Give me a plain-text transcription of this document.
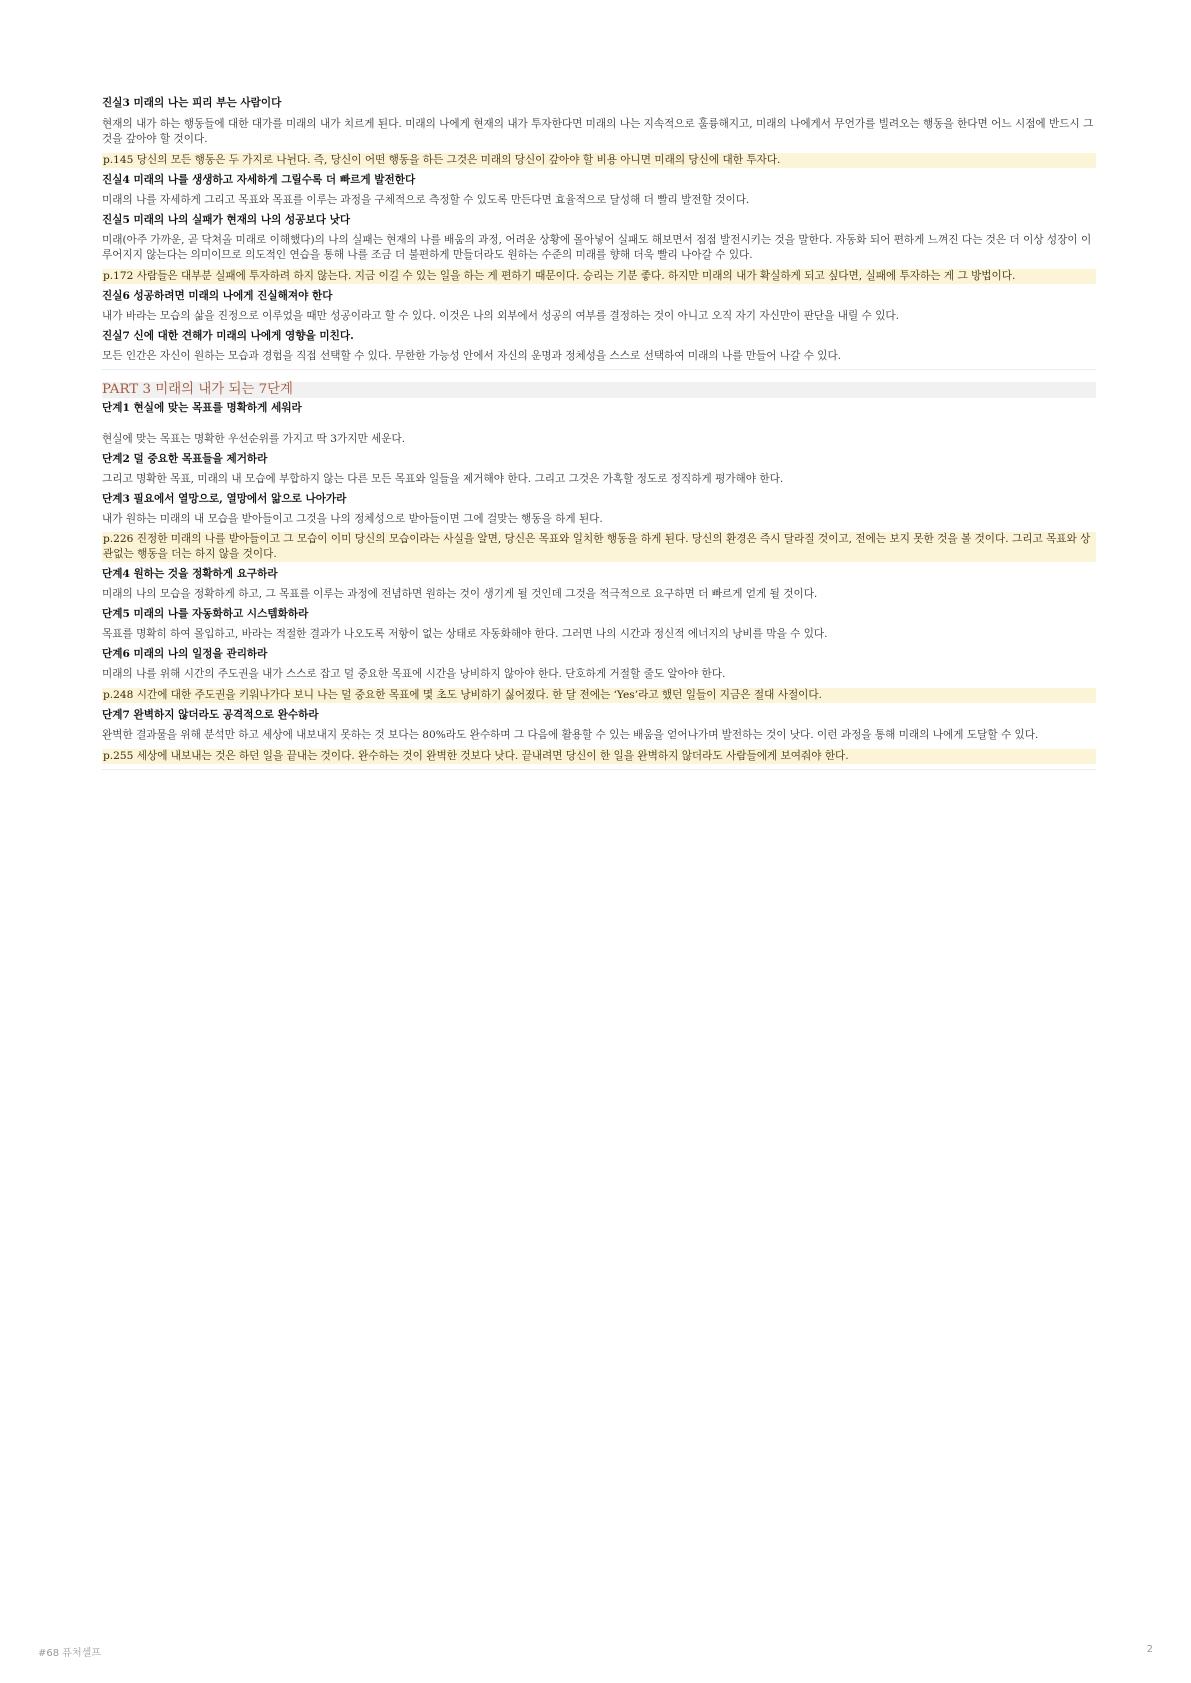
진실3 미래의 나는 피리 부는 사람이다

현재의 내가 하는 행동들에 대한 대가를 미래의 내가 치르게 된다. 미래의 나에게 현재의 내가 투자한다면 미래의 나는 지속적으로 훌륭해지고, 미래의 나에게서 무언가를 빌려오는 행동을 한다면 어느 시점에 반드시 그것을 갚아야 할 것이다.

p.145 당신의 모든 행동은 두 가지로 나뉜다. 즉, 당신이 어떤 행동을 하든 그것은 미래의 당신이 갚아야 할 비용 아니면 미래의 당신에 대한 투자다.

진실4 미래의 나를 생생하고 자세하게 그릴수록 더 빠르게 발전한다

미래의 나를 자세하게 그리고 목표와 목표를 이루는 과정을 구체적으로 측정할 수 있도록 만든다면 효율적으로 달성해 더 빨리 발전할 것이다.

진실5 미래의 나의 실패가 현재의 나의 성공보다 낫다

미래(아주 가까운, 곧 닥쳐올 미래로 이해했다)의 나의 실패는 현재의 나를 배움의 과정, 어려운 상황에 몰아넣어 실패도 해보면서 점점 발전시키는 것을 말한다. 자동화 되어 편하게 느껴진 다는 것은 더 이상 성장이 이루어지지 않는다는 의미이므로 의도적인 연습을 통해 나를 조금 더 불편하게 만들더라도 원하는 수준의 미래를 향해 더욱 빨리 나아갈 수 있다.

p.172 사람들은 대부분 실패에 투자하려 하지 않는다. 지금 이길 수 있는 일을 하는 게 편하기 때문이다. 승리는 기분 좋다. 하지만 미래의 내가 확실하게 되고 싶다면, 실패에 투자하는 게 그 방법이다.

진실6 성공하려면 미래의 나에게 진실해져야 한다

내가 바라는 모습의 삶을 진정으로 이루었을 때만 성공이라고 할 수 있다. 이것은 나의 외부에서 성공의 여부를 결정하는 것이 아니고 오직 자기 자신만이 판단을 내릴 수 있다.

진실7 신에 대한 견해가 미래의 나에게 영향을 미친다.

모든 인간은 자신이 원하는 모습과 경험을 직접 선택할 수 있다. 무한한 가능성 안에서 자신의 운명과 정체성을 스스로 선택하여 미래의 나를 만들어 나갈 수 있다.

PART 3 미래의 내가 되는 7단계

단계1 현실에 맞는 목표를 명확하게 세워라

현실에 맞는 목표는 명확한 우선순위를 가지고 딱 3가지만 세운다.

단계2 덜 중요한 목표들을 제거하라

그리고 명확한 목표, 미래의 내 모습에 부합하지 않는 다른 모든 목표와 일들을 제거해야 한다. 그리고 그것은 가혹할 정도로 정직하게 평가해야 한다.

단계3 필요에서 열망으로, 열망에서 앎으로 나아가라

내가 원하는 미래의 내 모습을 받아들이고 그것을 나의 정체성으로 받아들이면 그에 걸맞는 행동을 하게 된다.

p.226 진정한 미래의 나를 받아들이고 그 모습이 이미 당신의 모습이라는 사실을 알면, 당신은 목표와 일치한 행동을 하게 된다. 당신의 환경은 즉시 달라질 것이고, 전에는 보지 못한 것을 볼 것이다. 그리고 목표와 상관없는 행동을 더는 하지 않을 것이다.

단계4 원하는 것을 정확하게 요구하라

미래의 나의 모습을 정확하게 하고, 그 목표를 이루는 과정에 전념하면 원하는 것이 생기게 될 것인데 그것을 적극적으로 요구하면 더 빠르게 얻게 될 것이다.

단계5 미래의 나를 자동화하고 시스템화하라

목표를 명확히 하여 몰입하고, 바라는 적절한 결과가 나오도록 저항이 없는 상태로 자동화해야 한다. 그러면 나의 시간과 정신적 에너지의 낭비를 막을 수 있다.

단계6 미래의 나의 일정을 관리하라

미래의 나를 위해 시간의 주도권을 내가 스스로 잡고 덜 중요한 목표에 시간을 낭비하지 않아야 한다. 단호하게 거절할 줄도 알아야 한다.

p.248 시간에 대한 주도권을 키워나가다 보니 나는 덜 중요한 목표에 몇 초도 낭비하기 싫어졌다. 한 달 전에는 ‘Yes’라고 했던 일들이 지금은 절대 사절이다.

단계7 완벽하지 않더라도 공격적으로 완수하라

완벽한 결과물을 위해 분석만 하고 세상에 내보내지 못하는 것 보다는 80%라도 완수하며 그 다음에 활용할 수 있는 배움을 얻어나가며 발전하는 것이 낫다. 이런 과정을 통해 미래의 나에게 도달할 수 있다.

p.255 세상에 내보내는 것은 하던 일을 끝내는 것이다. 완수하는 것이 완벽한 것보다 낫다. 끝내려면 당신이 한 일을 완벽하지 않더라도 사람들에게 보여줘야 한다.

#68 퓨처셀프	2
